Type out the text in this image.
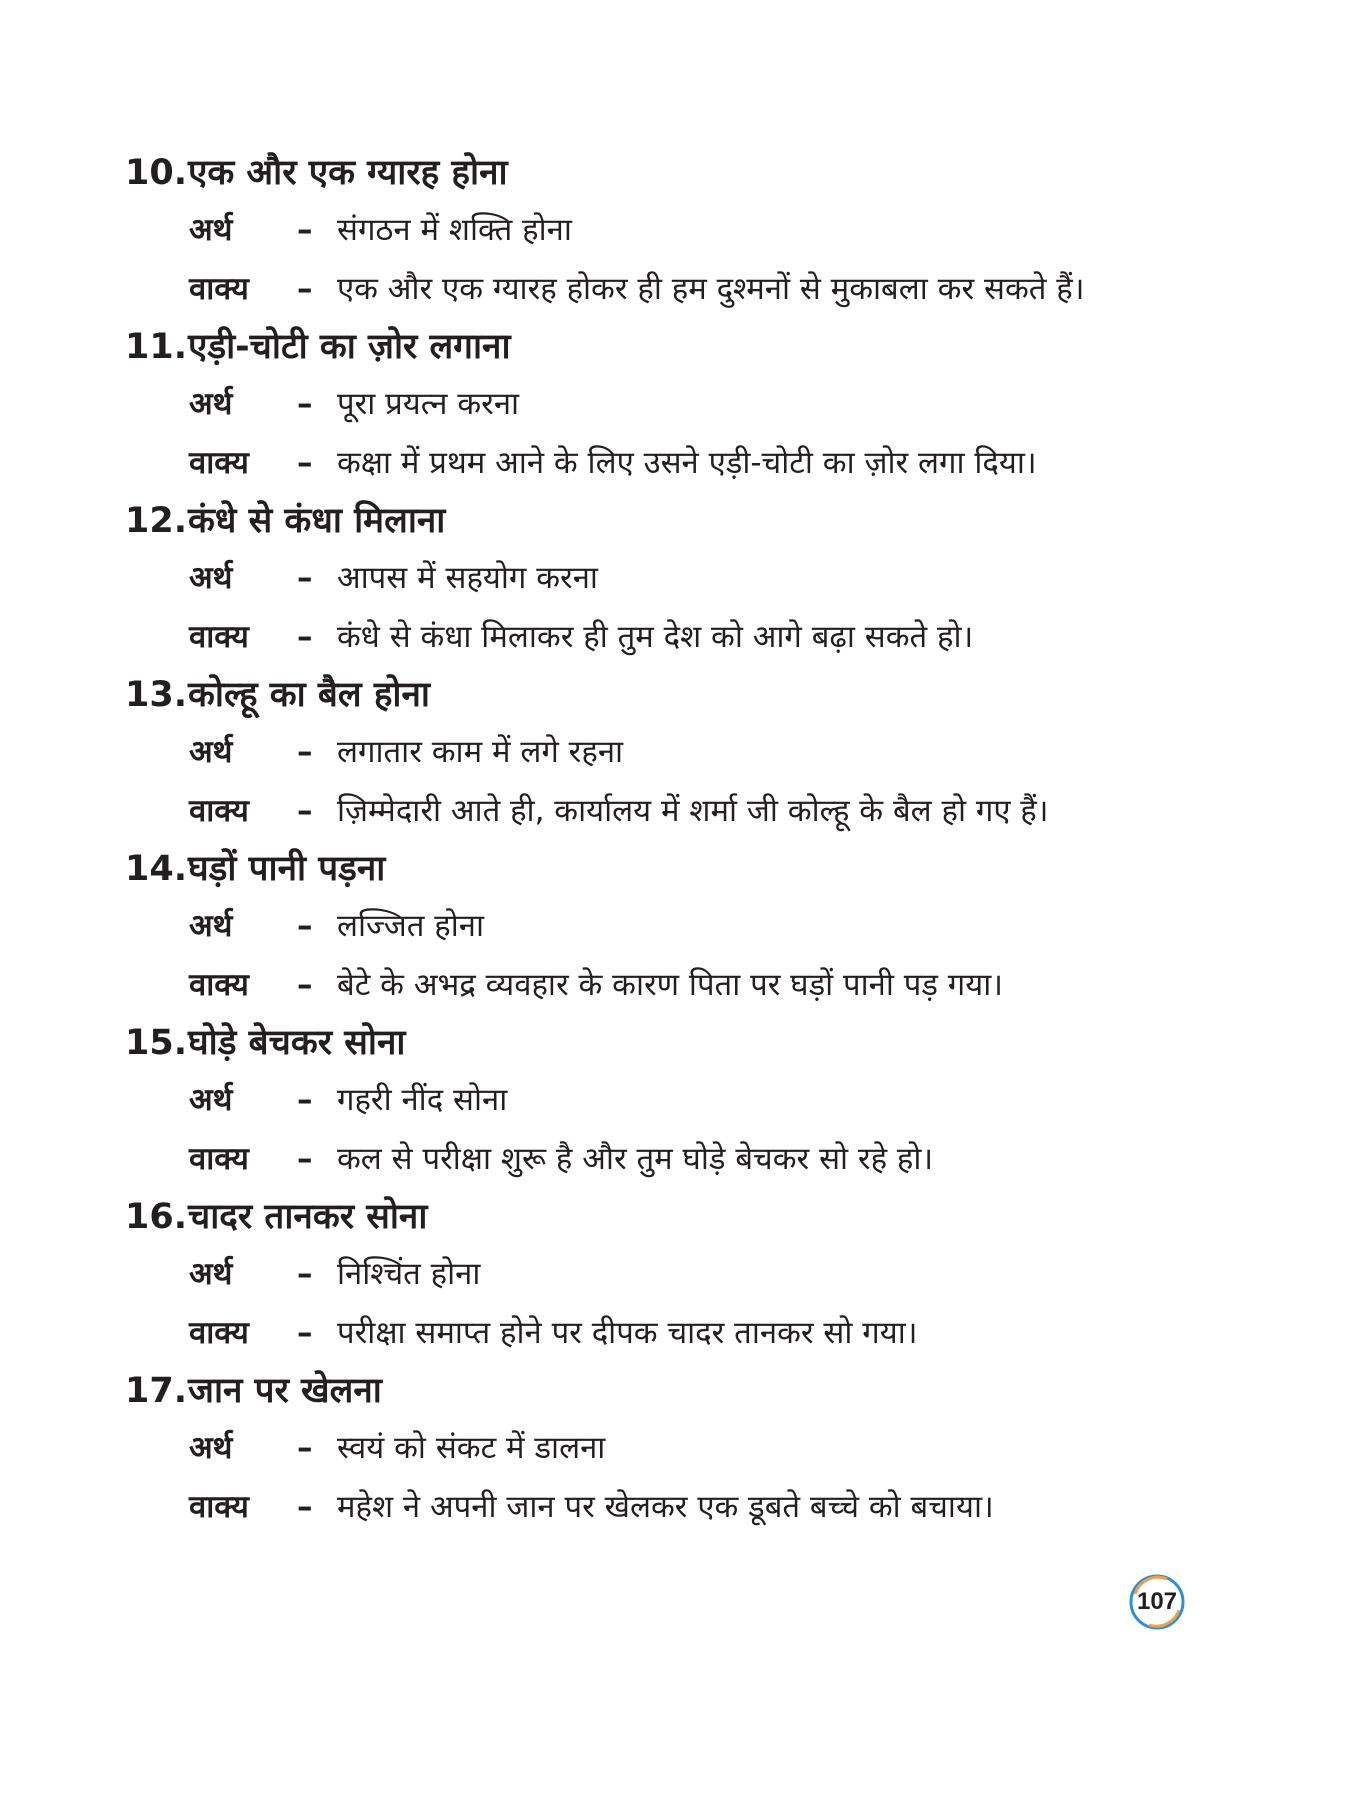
10. एक और एक ग्यारह होना
अर्थ	– संगठन में शक्ति होना
वाक्य	– एक और एक ग्यारह होकर ही हम दुश्मनों से मुकाबला कर सकते हैं।
11. एड़ी-चोटी का ज़ोर लगाना
अर्थ	– पूरा प्रयत्न करना
वाक्य	– कक्षा में प्रथम आने के लिए उसने एड़ी-चोटी का ज़ोर लगा दिया।
12. कंधे से कंधा मिलाना
अर्थ	– आपस में सहयोग करना
वाक्य	– कंधे से कंधा मिलाकर ही तुम देश को आगे बढ़ा सकते हो।
13. कोल्हू का बैल होना
अर्थ	– लगातार काम में लगे रहना
वाक्य	– ज़िम्मेदारी आते ही, कार्यालय में शर्मा जी कोल्हू के बैल हो गए हैं।
14. घड़ों पानी पड़ना
अर्थ	– लज्जित होना
वाक्य	– बेटे के अभद्र व्यवहार के कारण पिता पर घड़ों पानी पड़ गया।
15. घोड़े बेचकर सोना
अर्थ	– गहरी नींद सोना
वाक्य	– कल से परीक्षा शुरू है और तुम घोड़े बेचकर सो रहे हो।
16. चादर तानकर सोना
अर्थ	– निश्चिंत होना
वाक्य	– परीक्षा समाप्त होने पर दीपक चादर तानकर सो गया।
17. जान पर खेलना
अर्थ	– स्वयं को संकट में डालना
वाक्य	– महेश ने अपनी जान पर खेलकर एक डूबते बच्चे को बचाया।
107
